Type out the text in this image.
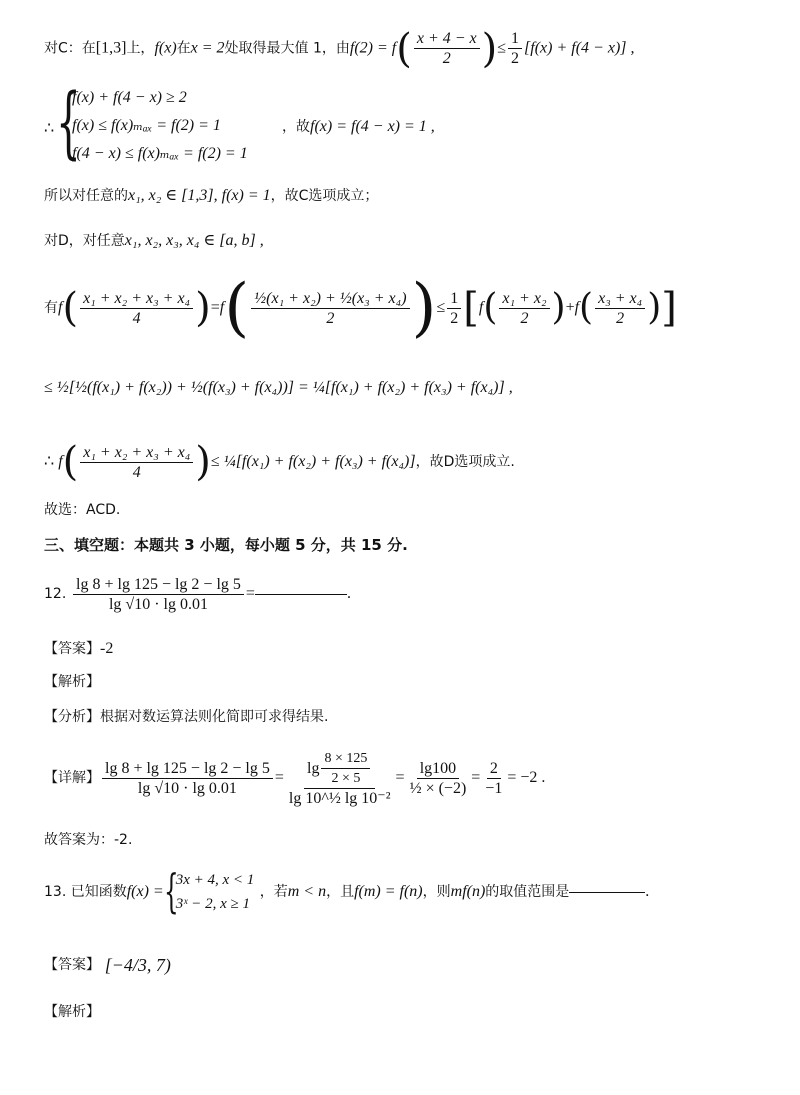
对C：在[1,3]上，f(x)在x = 2处取得最大值 1，由$f(2) = f( \frac{x + 4 - x}{2}$ )≤ $\frac{1}{2} [f(x) + f(4 - x)]$ ,
∴ {
f(x) + f(4 − x) ≥ 2
f(x) ≤ f(x)ₘₐₓ = f(2) = 1
f(4 − x) ≤ f(x)ₘₐₓ = f(2) = 1
，故f(x) = f(4 − x) = 1 ,
所以对任意的x₁, x₂ ∈ [1,3], f(x) = 1，故C选项成立；
对D，对任意x₁, x₂, x₃, x₄ ∈ [a, b] ,
有 f ( $\frac{\text{x₁ + x₂ + x₃ + x₄}}{4}$ ) = f ( $\frac{\text{½(x₁ + x₂) + ½(x₃ + x₄)}}{2}$ ) ≤ $\frac{1}{2}$ [ f ( $\frac{\text{x₁ + x₂}}{2}$ ) + f ( $\frac{\text{x₃ + x₄}}{2}$ ) ]
≤ ½[½(f(x₁) + f(x₂)) + ½(f(x₃) + f(x₄))] = ¼[f(x₁) + f(x₂) + f(x₃) + f(x₄)] ,
∴ f ( $\frac{\text{x₁ + x₂ + x₃ + x₄}}{4}$ ) ≤ ¼[f(x₁) + f(x₂) + f(x₃) + f(x₄)] ，故D选项成立.
故选：ACD.
三、填空题：本题共 3 小题，每小题 5 分，共 15 分.
12.
$\frac{\lg 8 + \lg 125 - \lg 2 - \lg 5}{\lg √10 \cdot \lg 0.01}$ =	.
【答案】-2
【解析】
【分析】根据对数运算法则化简即可求得结果.
【详解】 $\frac{\lg 8 + \lg 125 - \lg 2 - \lg 5}{\lg √10 \cdot \lg 0.01} = \frac{\lg \frac{8 \times 125}{2 \times 5}}{\text{lg 10\textasciicircum{}½ lg 10⁻²}} = \frac{\lg 100}{\text{½ × (−2)}} = \frac{2}{-1} = -2$ .
故答案为：-2.
13. 已知函数 f(x) = {
3x + 4, x < 1
3ˣ − 2, x ≥ 1
，若 m < n ，且 f(m) = f(n) ，则 mf(n) 的取值范围是	.
【答案】
[−4/3, 7)
【解析】
